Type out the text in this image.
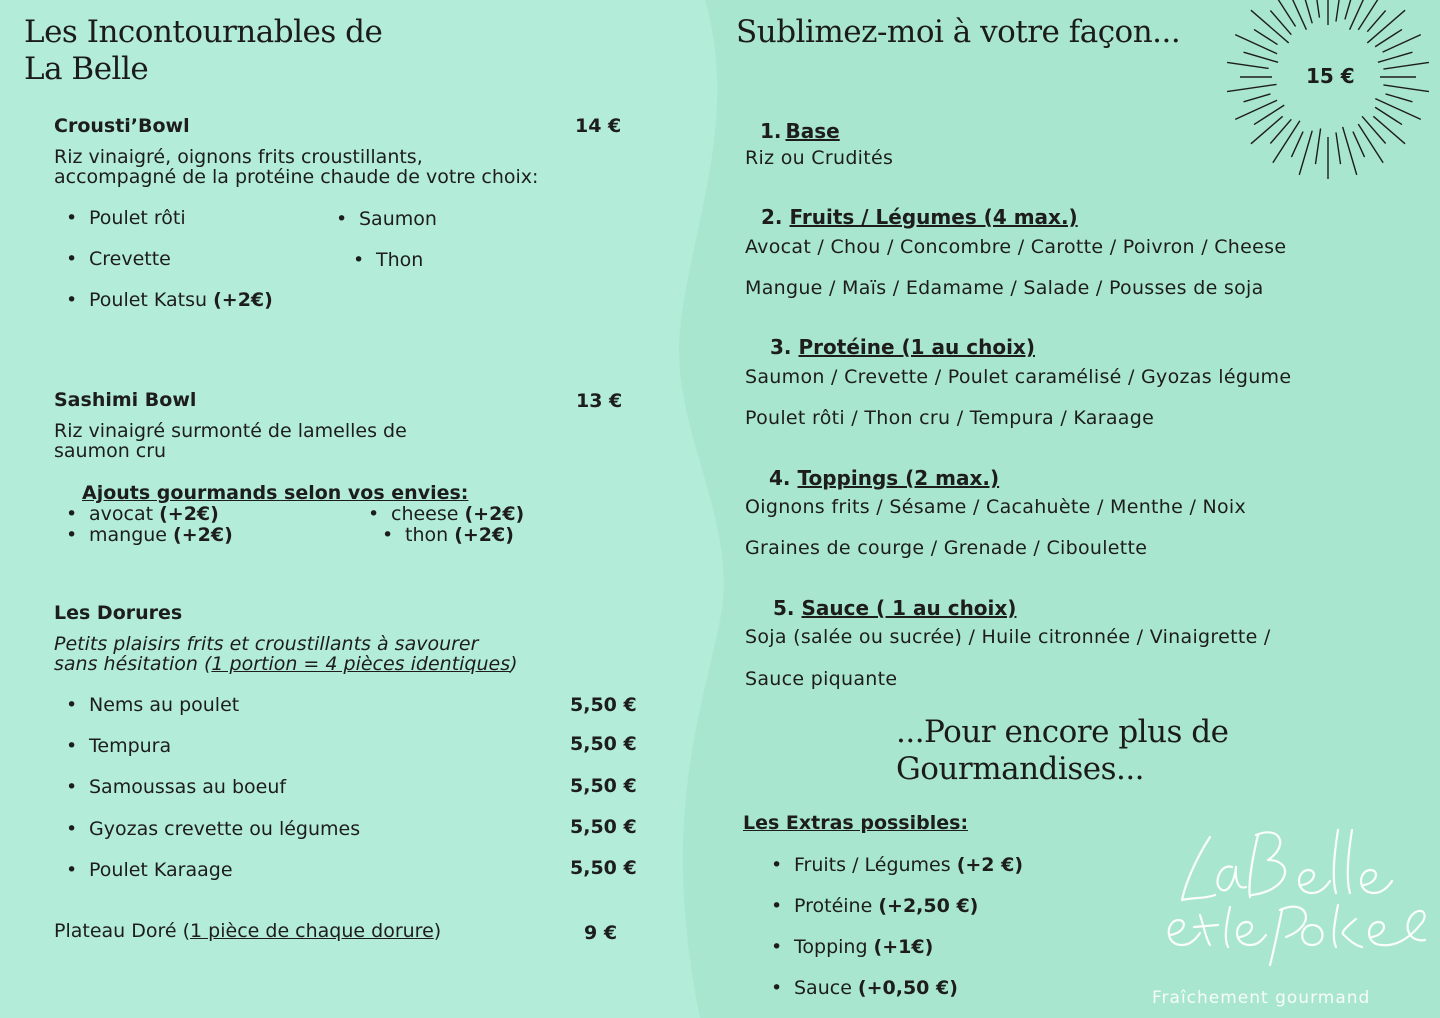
Les Incontournables de
La Belle
Crousti’Bowl	14 €
Riz vinaigré, oignons frits croustillants,
accompagné de la protéine chaude de votre choix:
• Poulet rôti
• Crevette
• Poulet Katsu (+2€)
• Saumon
• Thon
Sashimi Bowl	13 €
Riz vinaigré surmonté de lamelles de
saumon cru
Ajouts gourmands selon vos envies:
• avocat (+2€)
• mangue (+2€)
• cheese (+2€)
• thon (+2€)
Les Dorures
Petits plaisirs frits et croustillants à savourer
sans hésitation (1 portion = 4 pièces identiques)
• Nems au poulet	5,50 €
• Tempura	5,50 €
• Samoussas au boeuf	5,50 €
• Gyozas crevette ou légumes	5,50 €
• Poulet Karaage	5,50 €
Plateau Doré (1 pièce de chaque dorure)	9 €
Sublimez-moi à votre façon...
15 €
1. Base
Riz ou Crudités
2. Fruits / Légumes (4 max.)
Avocat / Chou / Concombre / Carotte / Poivron / Cheese
Mangue / Maïs / Edamame / Salade / Pousses de soja
3. Protéine (1 au choix)
Saumon / Crevette / Poulet caramélisé / Gyozas légume
Poulet rôti / Thon cru / Tempura / Karaage
4. Toppings (2 max.)
Oignons frits / Sésame / Cacahuète / Menthe / Noix
Graines de courge / Grenade / Ciboulette
5. Sauce ( 1 au choix)
Soja (salée ou sucrée) / Huile citronnée / Vinaigrette /
Sauce piquante
...Pour encore plus de
Gourmandises...
Les Extras possibles:
• Fruits / Légumes (+2 €)
• Protéine (+2,50 €)
• Topping (+1€)
• Sauce (+0,50 €)	Fraîchement gourmand
